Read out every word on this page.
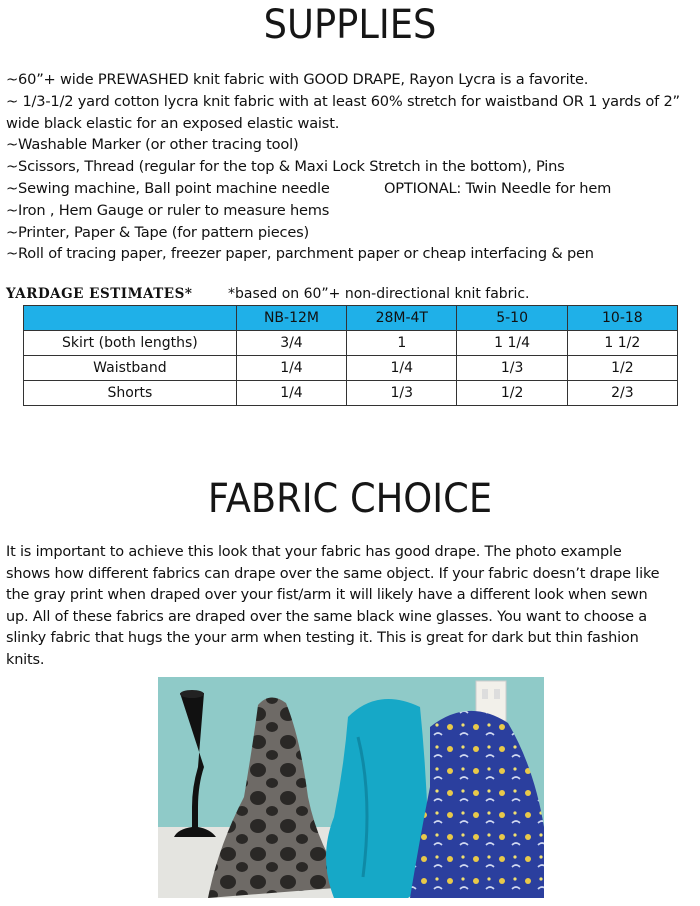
SUPPLIES
~60”+ wide PREWASHED knit fabric with GOOD DRAPE, Rayon Lycra is a favorite.
~ 1/3-1/2 yard cotton lycra knit fabric with at least 60% stretch for waistband OR 1 yards of 2”
wide black elastic for an exposed elastic waist.
~Washable Marker (or other tracing tool)
~Scissors, Thread (regular for the top & Maxi Lock Stretch in the bottom), Pins
~Sewing machine, Ball point machine needle	OPTIONAL: Twin Needle for hem
~Iron , Hem Gauge or ruler to measure hems
~Printer, Paper & Tape (for pattern pieces)
~Roll of tracing paper, freezer paper, parchment paper or cheap interfacing & pen
YARDAGE ESTIMATES*	*based on 60”+ non-directional knit fabric.
	NB-12M	28M-4T	5-10	10-18
Skirt (both lengths)	3/4	1	1 1/4	1 1/2
Waistband	1/4	1/4	1/3	1/2
Shorts	1/4	1/3	1/2	2/3
FABRIC CHOICE
It is important to achieve this look that your fabric has good drape. The photo example
shows how different fabrics can drape over the same object. If your fabric doesn’t drape like
the gray print when draped over your fist/arm it will likely have a different look when sewn
up. All of these fabrics are draped over the same black wine glasses. You want to choose a
slinky fabric that hugs the your arm when testing it. This is great for dark but thin fashion
knits.
